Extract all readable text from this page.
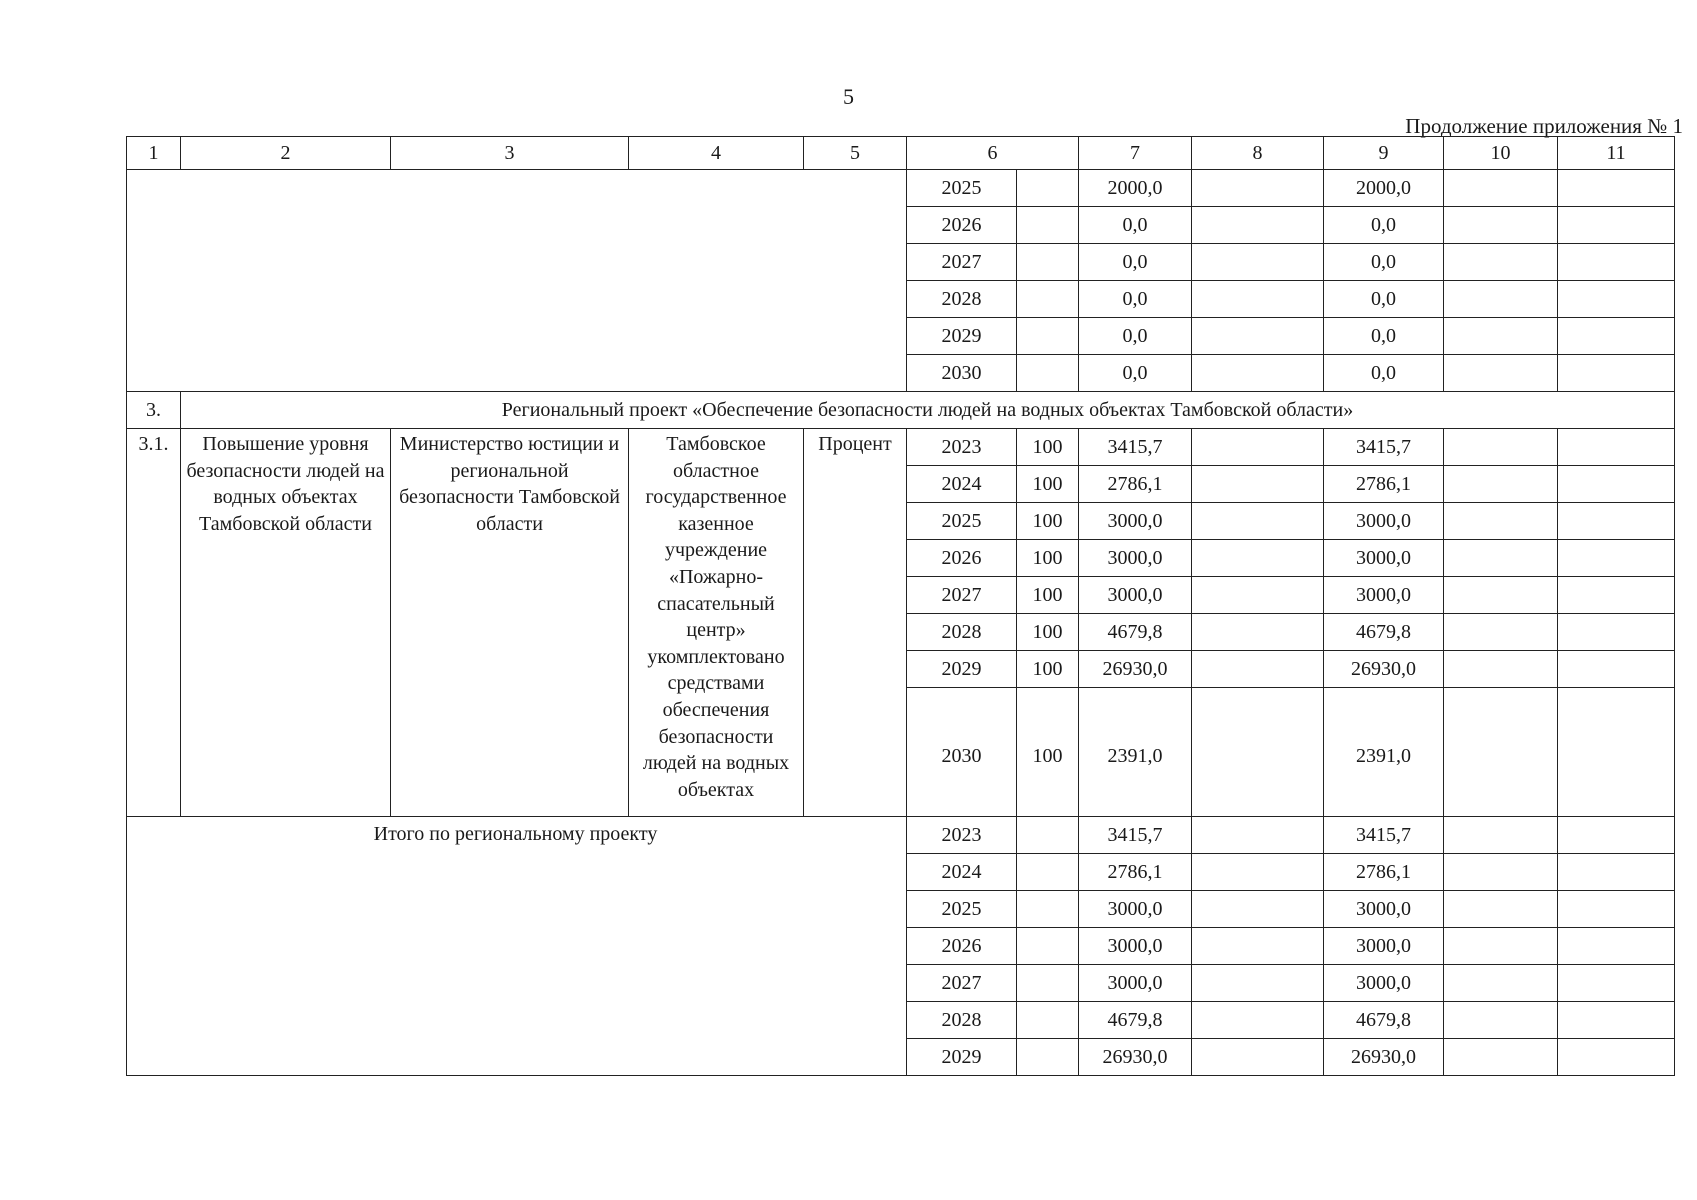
5
Продолжение приложения № 1
1	2	3	4	5	6		7	8	9	10	11
					2025		2000,0		2000,0		
					2026		0,0		0,0		
					2027		0,0		0,0		
					2028		0,0		0,0		
					2029		0,0		0,0		
					2030		0,0		0,0		
3.	Региональный проект «Обеспечение безопасности людей на водных объектах Тамбовской области»										
3.1.	Повышение уровня безопасности людей на водных объектах Тамбовской области	Министерство юстиции и региональной безопасности Тамбовской области	Тамбовское областное государственное казенное учреждение «Пожарно-спасательный центр» укомплектовано средствами обеспечения безопасности людей на водных объектах	Процент	2023	100	3415,7		3415,7		
					2024	100	2786,1		2786,1		
					2025	100	3000,0		3000,0		
					2026	100	3000,0		3000,0		
					2027	100	3000,0		3000,0		
					2028	100	4679,8		4679,8		
					2029	100	26930,0		26930,0		
					2030	100	2391,0		2391,0		
Итого по региональному проекту					2023		3415,7		3415,7		
					2024		2786,1		2786,1		
					2025		3000,0		3000,0		
					2026		3000,0		3000,0		
					2027		3000,0		3000,0		
					2028		4679,8		4679,8		
					2029		26930,0		26930,0		
